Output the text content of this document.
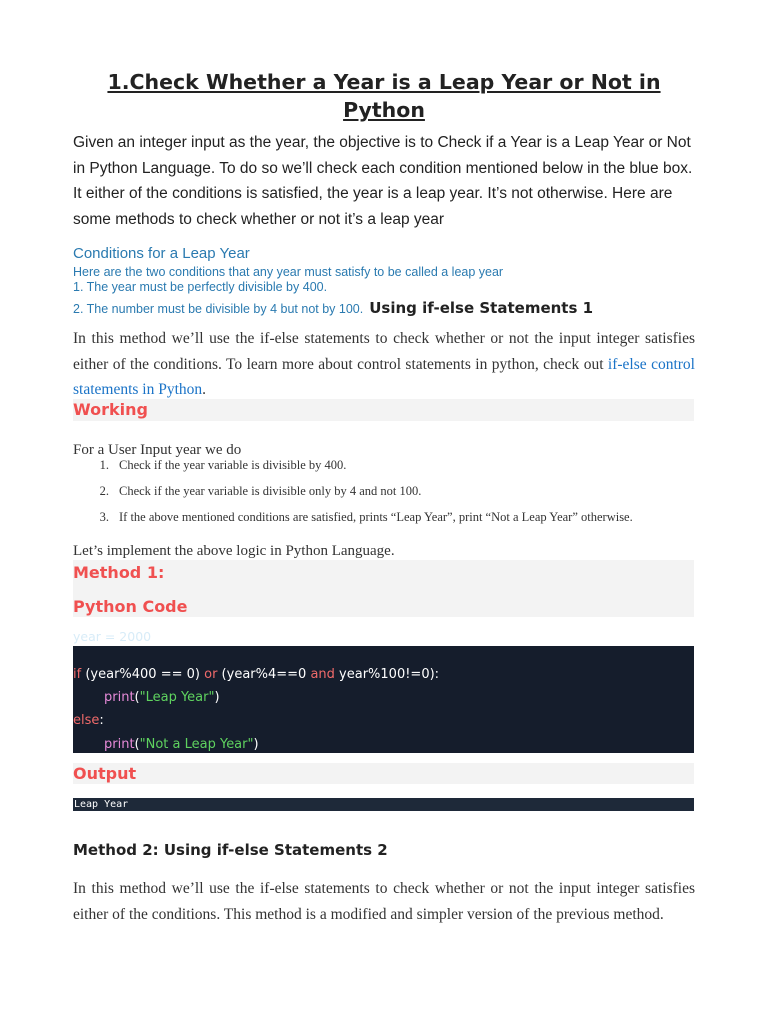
1.Check Whether a Year is a Leap Year or Not in Python
Given an integer input as the year, the objective is to Check if a Year is a Leap Year or Not in Python Language. To do so we’ll check each condition mentioned below in the blue box. It either of the conditions is satisfied, the year is a leap year. It’s not otherwise. Here are some methods to check whether or not it’s a leap year
Conditions for a Leap Year
Here are the two conditions that any year must satisfy to be called a leap year
1. The year must be perfectly divisible by 400.
2. The number must be divisible by 4 but not by 100. Using if-else Statements 1
In this method we’ll use the if-else statements to check whether or not the input integer satisfies either of the conditions. To learn more about control statements in python, check out if-else control statements in Python.
Working
For a User Input year we do
1. Check if the year variable is divisible by 400.
2. Check if the year variable is divisible only by 4 and not 100.
3. If the above mentioned conditions are satisfied, prints “Leap Year”, print “Not a Leap Year” otherwise.
Let’s implement the above logic in Python Language.
Method 1:
Python Code
year = 2000
if (year%400 == 0) or (year%4==0 and year%100!=0):
print("Leap Year")
else:
print("Not a Leap Year")
Output
Leap Year
Method 2: Using if-else Statements 2
In this method we’ll use the if-else statements to check whether or not the input integer satisfies either of the conditions. This method is a modified and simpler version of the previous method.
